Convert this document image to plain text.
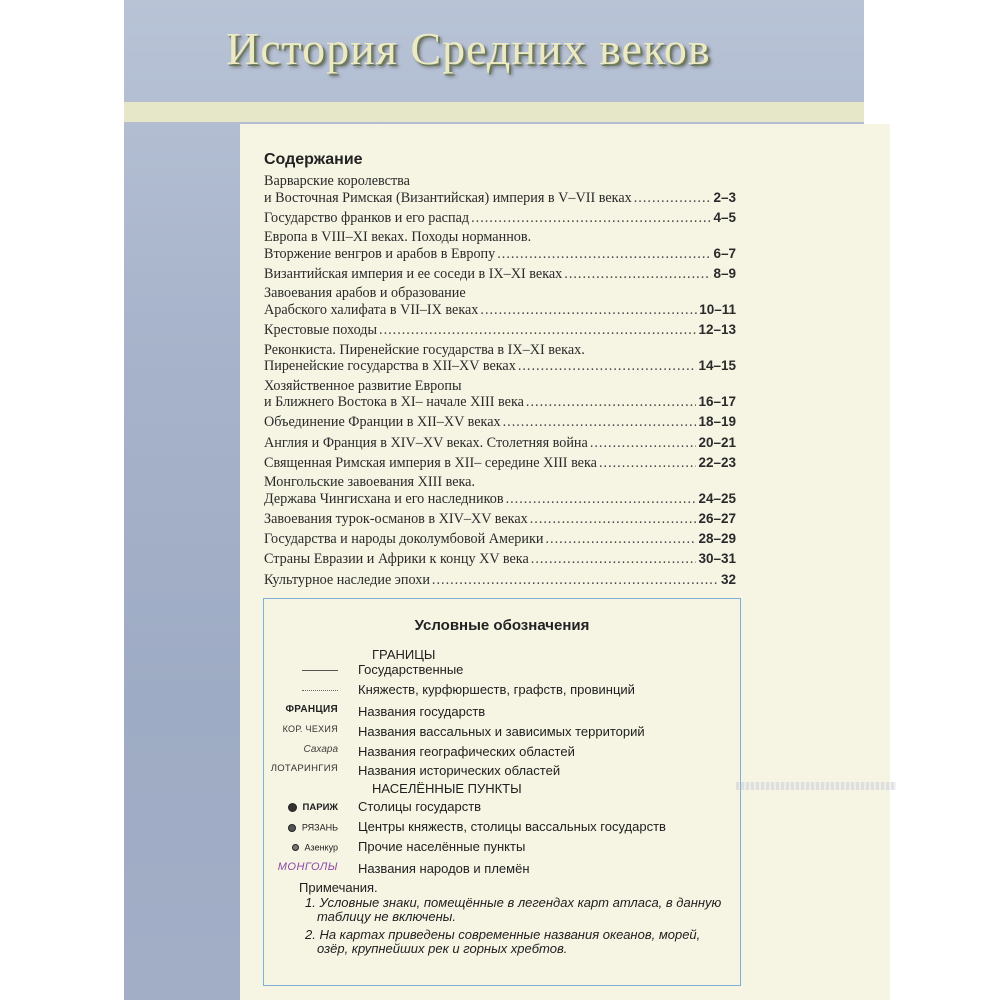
История Средних веков
Содержание
Варварские королевства
и Восточная Римская (Византийская) империя в V–VII веках .....	2–3
Государство франков и его распад .....	4–5
Европа в VIII–XI веках. Походы норманнов.
Вторжение венгров и арабов в Европу .....	6–7
Византийская империя и ее соседи в IX–XI веках .....	8–9
Завоевания арабов и образование
Арабского халифата в VII–IX веках .....	10–11
Крестовые походы .....	12–13
Реконкиста. Пиренейские государства в IX–XI веках.
Пиренейские государства в XII–XV веках .....	14–15
Хозяйственное развитие Европы
и Ближнего Востока в XI– начале XIII века .....	16–17
Объединение Франции в XII–XV веках .....	18–19
Англия и Франция в XIV–XV веках. Столетняя война .....	20–21
Священная Римская империя в XII– середине XIII века .....	22–23
Монгольские завоевания XIII века.
Держава Чингисхана и его наследников .....	24–25
Завоевания турок-османов в XIV–XV веках .....	26–27
Государства и народы доколумбовой Америки .....	28–29
Страны Евразии и Африки к концу XV века .....	30–31
Культурное наследие эпохи .....	32
Условные обозначения
ГРАНИЦЫ
Государственные
Княжеств, курфюршеств, графств, провинций
ФРАНЦИЯ Названия государств
КОР. ЧЕХИЯ Названия вассальных и зависимых территорий
Сахара Названия географических областей
ЛОТАРИНГИЯ Названия исторических областей
НАСЕЛЁННЫЕ ПУНКТЫ
ПАРИЖ Столицы государств
РЯЗАНЬ Центры княжеств, столицы вассальных государств
Азенкур Прочие населённые пункты
МОНГОЛЫ Названия народов и племён
Примечания.
1. Условные знаки, помещённые в легендах карт атласа, в данную таблицу не включены.
2. На картах приведены современные названия океанов, морей, озёр, крупнейших рек и горных хребтов.
